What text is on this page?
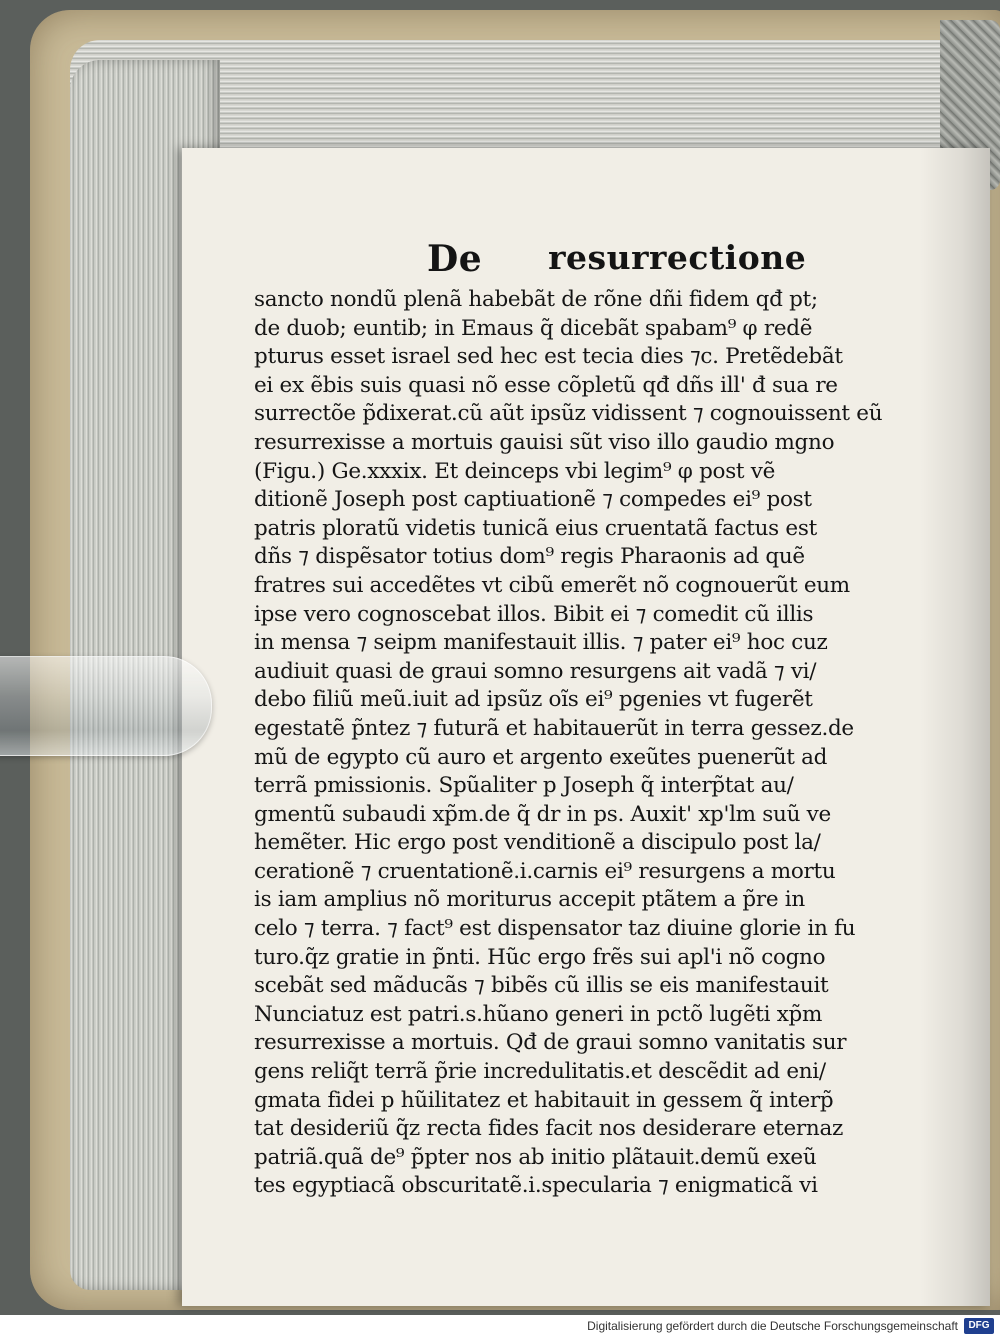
De resurrectione
sancto nondũ plenã habebãt de rõne dñi fidem qđ pt;
de duob; euntib; in Emaus q̃ dicebãt spabam⁹ φ redẽ
pturus esset israel sed hec est tecia dies ⁊c. Pretẽdebãt
ei ex ẽbis suis quasi nõ esse cõpletũ qđ dñs ill' đ sua re
surrectõe p̃dixerat.cũ aũt ipsũz vidissent ⁊ cognouissent eũ
resurrexisse a mortuis gauisi sũt viso illo gaudio mgno
(Figu.) Ge.xxxix. Et deinceps vbi legim⁹ φ post vẽ
ditionẽ Joseph post captiuationẽ ⁊ compedes ei⁹ post
patris ploratũ videtis tunicã eius cruentatã factus est
dñs ⁊ dispẽsator totius dom⁹ regis Pharaonis ad quẽ
fratres sui accedẽtes vt cibũ emerẽt nõ cognouerũt eum
ipse vero cognoscebat illos. Bibit ei ⁊ comedit cũ illis
in mensa ⁊ seipm manifestauit illis. ⁊ pater ei⁹ hoc cuz
audiuit quasi de graui somno resurgens ait vadã ⁊ vi/
debo filiũ meũ.iuit ad ipsũz oĩs ei⁹ pgenies vt fugerẽt
egestatẽ p̃ntez ⁊ futurã et habitauerũt in terra gessez.de
mũ de egypto cũ auro et argento exeũtes puenerũt ad
terrã pmissionis. Spũaliter p Joseph q̃ interp̃tat au/
gmentũ subaudi xp̃m.de q̃ dr in ps. Auxit' xp'lm suũ ve
hemẽter. Hic ergo post venditionẽ a discipulo post la/
cerationẽ ⁊ cruentationẽ.i.carnis ei⁹ resurgens a mortu
is iam amplius nõ moriturus accepit ptãtem a p̃re in
celo ⁊ terra. ⁊ fact⁹ est dispensator taz diuine glorie in fu
turo.q̃z gratie in p̃nti. Hũc ergo frẽs sui apl'i nõ cogno
scebãt sed mãducãs ⁊ bibẽs cũ illis se eis manifestauit
Nunciatuz est patri.s.hũano generi in pctõ lugẽti xp̃m
resurrexisse a mortuis. Qđ de graui somno vanitatis sur
gens reliq̃t terrã p̃rie incredulitatis.et descẽdit ad eni/
gmata fidei p hũilitatez et habitauit in gessem q̃ interp̃
tat desideriũ q̃z recta fides facit nos desiderare eternaz
patriã.quã de⁹ p̃pter nos ab initio plãtauit.demũ exeũ
tes egyptiacã obscuritatẽ.i.specularia ⁊ enigmaticã vi
Digitalisierung gefördert durch die Deutsche Forschungsgemeinschaft	DFG
